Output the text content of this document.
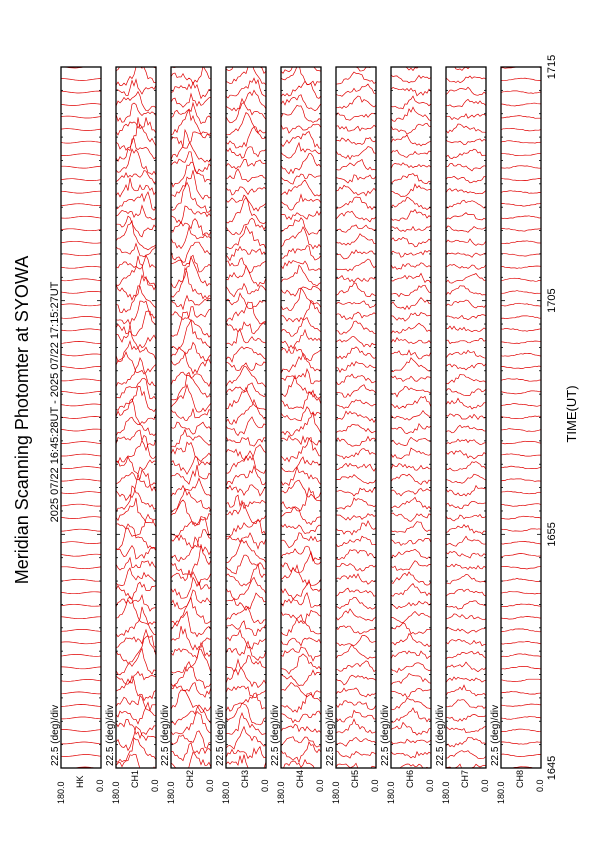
Meridian Scanning Photomter at SYOWA 2025 07/22 16:45:28UT - 2025 07/22 17:15:27UT	TIME(UT)
22.5 (deg)/div
180.0	0.0
HK
22.5 (deg)/div
180.0	0.0
CH1
22.5 (deg)/div
180.0	0.0
CH2
22.5 (deg)/div
180.0	0.0
CH3
22.5 (deg)/div
180.0	0.0
CH4
22.5 (deg)/div
180.0	0.0
CH5
22.5 (deg)/div
180.0	0.0
CH6
22.5 (deg)/div
180.0	0.0
CH7
22.5 (deg)/div
180.0	0.0
CH8 1645
1655
1705
1715
